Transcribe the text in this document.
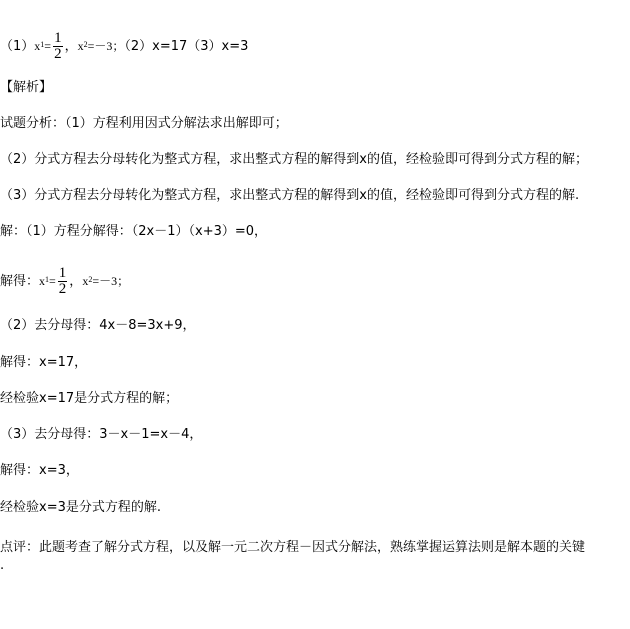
$(1)x^1= \frac{1}{2}$ ，$x^2=-3$；（2）x=17（3）x=3
【解析】
试题分析：（1）方程利用因式分解法求出解即可；
（2）分式方程去分母转化为整式方程，求出整式方程的解得到x的值，经检验即可得到分式方程的解；
（3）分式方程去分母转化为整式方程，求出整式方程的解得到x的值，经检验即可得到分式方程的解.
解：（1）方程分解得：（2x－1）（x+3）=0，
解得：$x^1= \frac{1}{2}$ ，$x^2=-3$；
（2）去分母得：4x－8=3x+9，
解得：x=17，
经检验x=17是分式方程的解；
（3）去分母得：3－x－1=x－4，
解得：x=3，
经检验x=3是分式方程的解.
点评：此题考查了解分式方程，以及解一元二次方程－因式分解法，熟练掌握运算法则是解本题的关键
.
